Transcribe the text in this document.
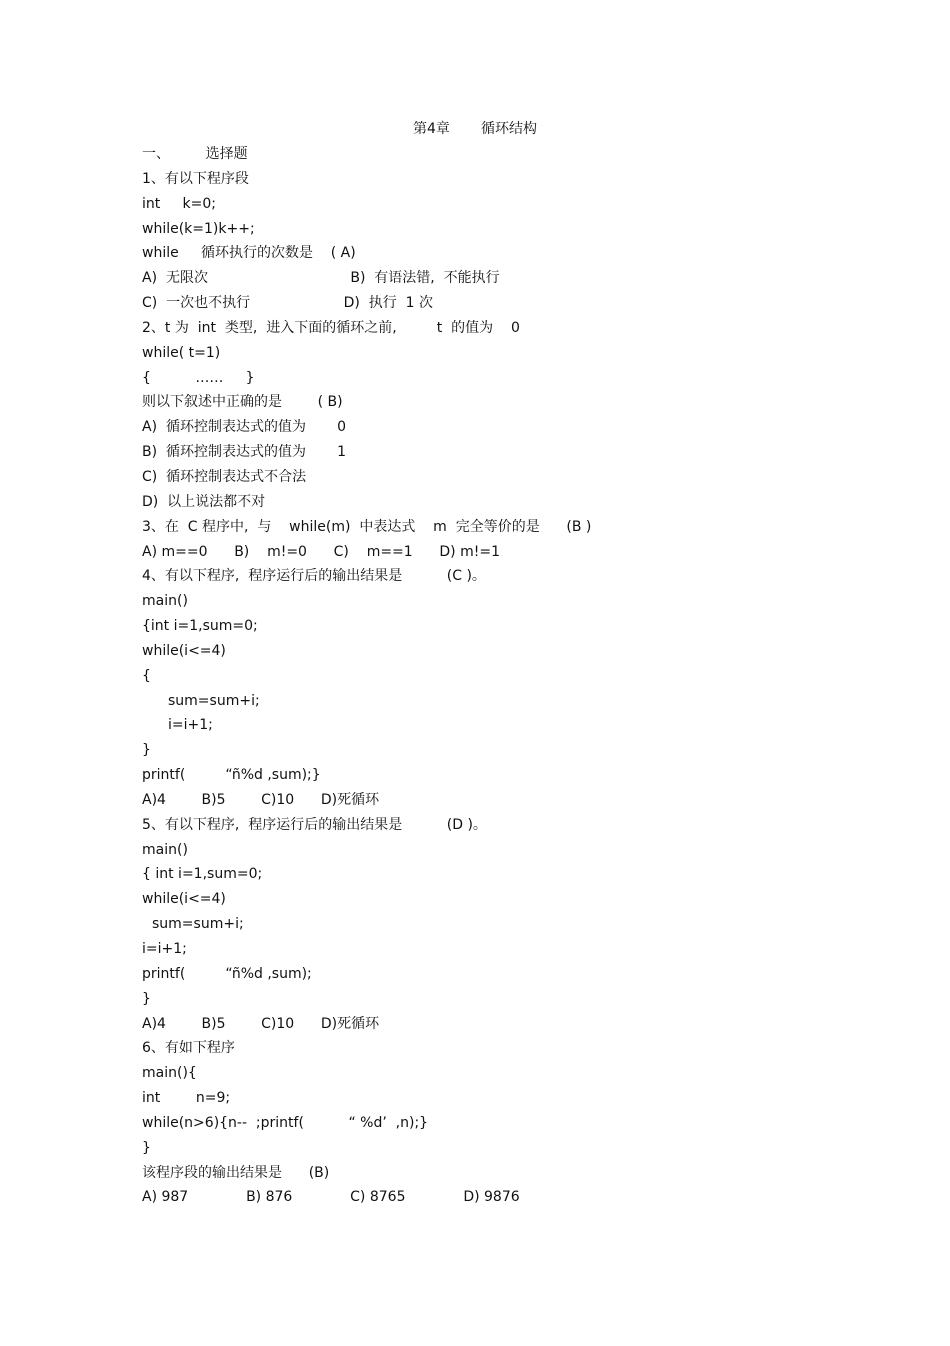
第4章       循环结构
一、        选择题
1、有以下程序段
int     k=0;
while(k=1)k++;
while     循环执行的次数是    ( A)
A)  无限次                                B)  有语法错,  不能执行
C)  一次也不执行                     D)  执行  1 次
2、t 为  int  类型,  进入下面的循环之前,         t  的值为    0
while( t=1)
{          ……     }
则以下叙述中正确的是        ( B)
A)  循环控制表达式的值为       0
B)  循环控制表达式的值为       1
C)  循环控制表达式不合法
D)  以上说法都不对
3、在  C 程序中,  与    while(m)  中表达式    m  完全等价的是      (B )
A) m==0      B)    m!=0      C)    m==1      D) m!=1
4、有以下程序,  程序运行后的输出结果是          (C )。
main()
{int i=1,sum=0;
while(i<=4)
{
sum=sum+i;
i=i+1;
}
printf(         “ñ%d ,sum);}
A)4        B)5        C)10      D)死循环
5、有以下程序,  程序运行后的输出结果是          (D )。
main()
{ int i=1,sum=0;
while(i<=4)
sum=sum+i;
i=i+1;
printf(         “ñ%d ,sum);
}
A)4        B)5        C)10      D)死循环
6、有如下程序
main(){
int        n=9;
while(n>6){n--  ;printf(          “ %d’  ,n);}
}
该程序段的输出结果是      (B)
A) 987             B) 876             C) 8765             D) 9876
